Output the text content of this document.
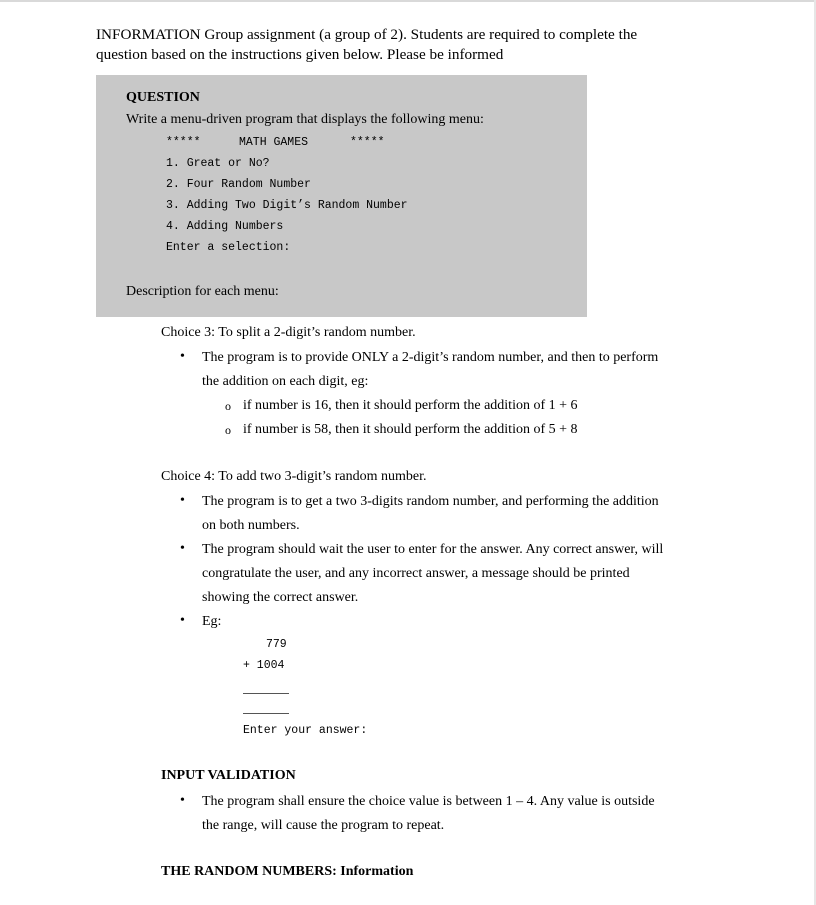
INFORMATION Group assignment (a group of 2). Students are required to complete the
question based on the instructions given below. Please be informed
QUESTION
Write a menu-driven program that displays the following menu:
*****	MATH GAMES	*****
1. Great or No?
2. Four Random Number
3. Adding Two Digit’s Random Number
4. Adding Numbers
Enter a selection:
Description for each menu:
Choice 3: To split a 2-digit’s random number.
• The program is to provide ONLY a 2-digit’s random number, and then to perform
the addition on each digit, eg:
o if number is 16, then it should perform the addition of 1 + 6
o if number is 58, then it should perform the addition of 5 + 8
Choice 4: To add two 3-digit’s random number.
• The program is to get a two 3-digits random number, and performing the addition
on both numbers.
• The program should wait the user to enter for the answer. Any correct answer, will
congratulate the user, and any incorrect answer, a message should be printed
showing the correct answer.
• Eg:
779
+ 1004
Enter your answer:
INPUT VALIDATION
• The program shall ensure the choice value is between 1 – 4. Any value is outside
the range, will cause the program to repeat.
THE RANDOM NUMBERS: Information
